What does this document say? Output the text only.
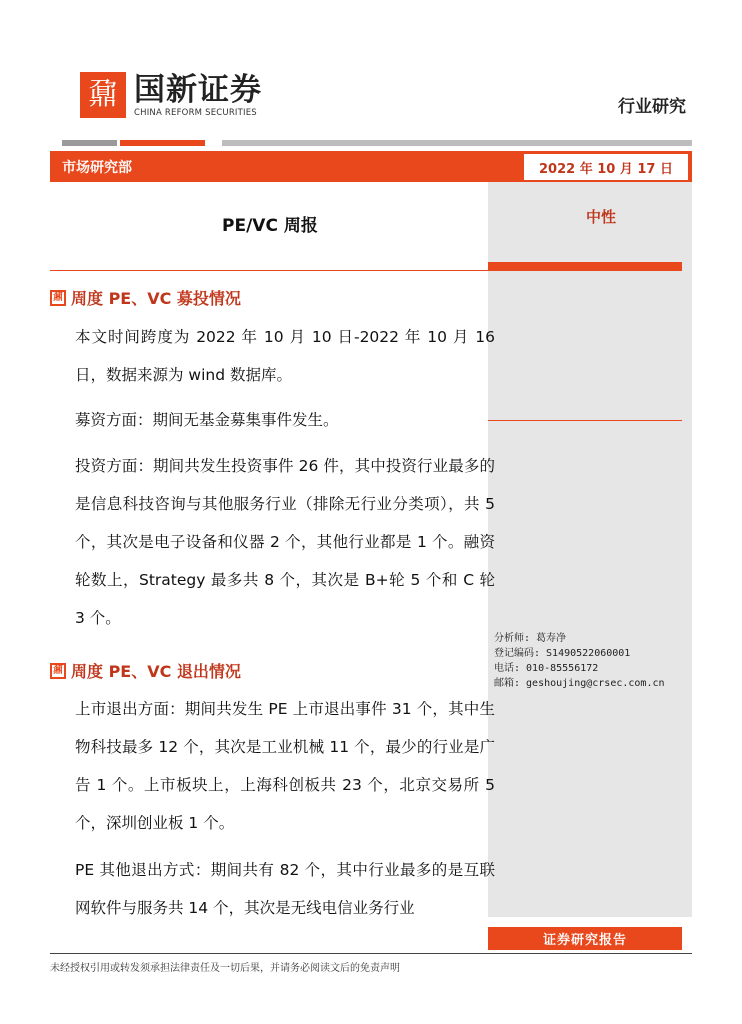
鼐 国新证券
CHINA REFORM SECURITIES	行业研究
市场研究部	2022 年 10 月 17 日
中性
分析师: 葛寿净
登记编码: S1490522060001
电话: 010-85556172
邮箱: geshoujing@crsec.com.cn
PE/VC 周报
鼐 周度 PE、VC 募投情况
本文时间跨度为 2022 年 10 月 10 日-2022 年 10 月 16 日，数据来源为 wind 数据库。
募资方面：期间无基金募集事件发生。
投资方面：期间共发生投资事件 26 件，其中投资行业最多的是信息科技咨询与其他服务行业（排除无行业分类项），共 5 个，其次是电子设备和仪器 2 个，其他行业都是 1 个。融资轮数上，Strategy 最多共 8 个，其次是 B+轮 5 个和 C 轮 3 个。
鼐 周度 PE、VC 退出情况
上市退出方面：期间共发生 PE 上市退出事件 31 个，其中生物科技最多 12 个，其次是工业机械 11 个，最少的行业是广告 1 个。上市板块上，上海科创板共 23 个，北京交易所 5 个，深圳创业板 1 个。
PE 其他退出方式：期间共有 82 个，其中行业最多的是互联网软件与服务共 14 个，其次是无线电信业务行业
证券研究报告
未经授权引用或转发须承担法律责任及一切后果，并请务必阅读文后的免责声明
